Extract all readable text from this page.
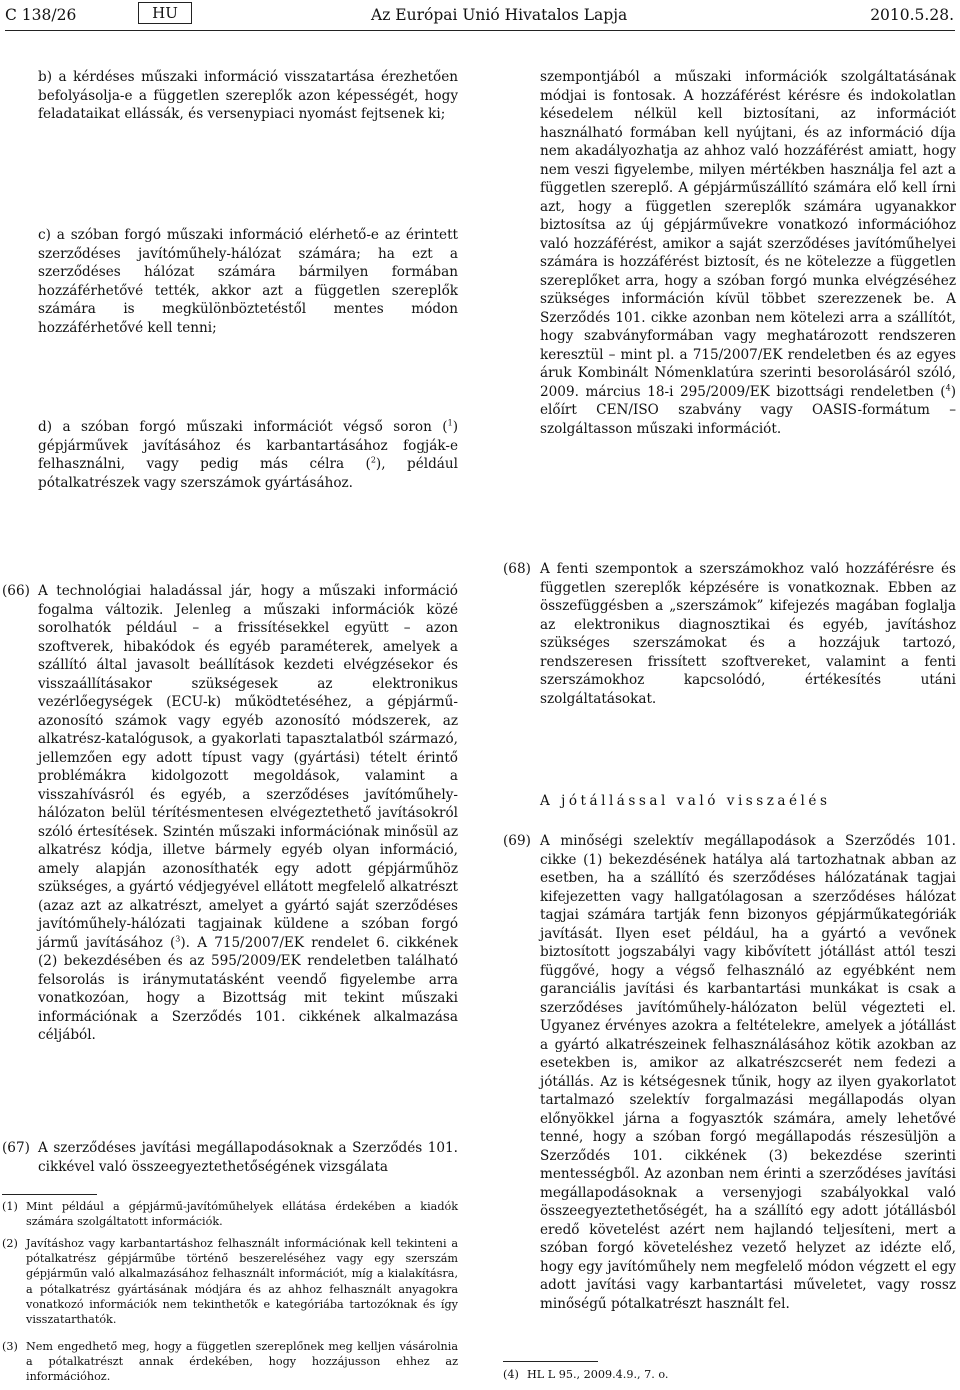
C 138/26	HU	Az Európai Unió Hivatalos Lapja	2010.5.28.

b) a kérdéses műszaki információ visszatartása érezhetően befolyásolja-e a független szereplők azon képességét, hogy feladataikat ellássák, és versenypiaci nyomást fejtsenek ki;

c) a szóban forgó műszaki információ elérhető-e az érintett szerződéses javítóműhely-hálózat számára; ha ezt a szerződéses hálózat számára bármilyen formában hozzáférhetővé tették, akkor azt a független szereplők számára is megkülönböztetéstől mentes módon hozzáférhetővé kell tenni;

d) a szóban forgó műszaki információt végső soron ($^1$) gépjárművek javításához és karbantartásához fogják-e felhasználni, vagy pedig más célra ($^2$), például pótalkatrészek vagy szerszámok gyártásához.

szempontjából a műszaki információk szolgáltatásának módjai is fontosak. A hozzáférést kérésre és indokolatlan késedelem nélkül kell biztosítani, az információt használható formában kell nyújtani, és az információ díja nem akadályozhatja az ahhoz való hozzáférést amiatt, hogy nem veszi figyelembe, milyen mértékben használja fel azt a független szereplő. A gépjárműszállító számára elő kell írni azt, hogy a független szereplők számára ugyanakkor biztosítsa az új gépjárművekre vonatkozó információhoz való hozzáférést, amikor a saját szerződéses javítóműhelyei számára is hozzáférést biztosít, és ne kötelezze a független szereplőket arra, hogy a szóban forgó munka elvégzéséhez szükséges információn kívül többet szerezzenek be. A Szerződés 101. cikke azonban nem kötelezi arra a szállítót, hogy szabványformában vagy meghatározott rendszeren keresztül – mint pl. a 715/2007/EK rendeletben és az egyes áruk Kombinált Nómenklatúra szerinti besorolásáról szóló, 2009. március 18-i 295/2009/EK bizottsági rendeletben ($^4$) előírt CEN/ISO szabvány vagy OASIS-formátum – szolgáltasson műszaki információt.

(66) A technológiai haladással jár, hogy a műszaki információ fogalma változik. Jelenleg a műszaki információk közé sorolhatók például – a frissítésekkel együtt – azon szoftverek, hibakódok és egyéb paraméterek, amelyek a szállító által javasolt beállítások kezdeti elvégzésekor és visszaállításakor szükségesek az elektronikus vezérlőegységek (ECU-k) működtetéséhez, a gépjármű-azonosító számok vagy egyéb azonosító módszerek, az alkatrész-katalógusok, a gyakorlati tapasztalatból származó, jellemzően egy adott típust vagy (gyártási) tételt érintő problémákra kidolgozott megoldások, valamint a visszahívásról és egyéb, a szerződéses javítóműhely-hálózaton belül térítésmentesen elvégeztethető javításokról szóló értesítések. Szintén műszaki információnak minősül az alkatrész kódja, illetve bármely egyéb olyan információ, amely alapján azonosíthaték egy adott gépjárműhöz szükséges, a gyártó védjegyével ellátott megfelelő alkatrészt (azaz azt az alkatrészt, amelyet a gyártó saját szerződéses javítóműhely-hálózati tagjainak küldene a szóban forgó jármű javításához ($^3$). A 715/2007/EK rendelet 6. cikkének (2) bekezdésében és az 595/2009/EK rendeletben található felsorolás is iránymutatásként veendő figyelembe arra vonatkozóan, hogy a Bizottság mit tekint műszaki információnak a Szerződés 101. cikkének alkalmazása céljából.

(67) A szerződéses javítási megállapodásoknak a Szerződés 101. cikkével való összeegyeztethetőségének vizsgálata

(1) Mint például a gépjármű-javítóműhelyek ellátása érdekében a kiadók számára szolgáltatott információk.
(2) Javításhoz vagy karbantartáshoz felhasznált információnak kell tekinteni a pótalkatrész gépjárműbe történő beszereléséhez vagy egy szerszám gépjárműn való alkalmazásához felhasznált információt, míg a kialakításra, a pótalkatrész gyártásának módjára és az ahhoz felhasznált anyagokra vonatkozó információk nem tekinthetők e kategóriába tartozóknak és így visszatarthatók.
(3) Nem engedhető meg, hogy a független szereplőnek meg kelljen vásárolnia a pótalkatrészt annak érdekében, hogy hozzájusson ehhez az információhoz.
(68) A fenti szempontok a szerszámokhoz való hozzáférésre és független szereplők képzésére is vonatkoznak. Ebben az összefüggésben a „szerszámok” kifejezés magában foglalja az elektronikus diagnosztikai és egyéb, javításhoz szükséges szerszámokat és a hozzájuk tartozó, rendszeresen frissített szoftvereket, valamint a fenti szerszámokhoz kapcsolódó, értékesítés utáni szolgáltatásokat.

A jótállással való visszaélés
(69) A minőségi szelektív megállapodások a Szerződés 101. cikke (1) bekezdésének hatálya alá tartozhatnak abban az esetben, ha a szállító és szerződéses hálózatának tagjai kifejezetten vagy hallgatólagosan a szerződéses hálózat tagjai számára tartják fenn bizonyos gépjárműkategóriák javítását. Ilyen eset például, ha a gyártó a vevőnek biztosított jogszabályi vagy kibővített jótállást attól teszi függővé, hogy a végső felhasználó az egyébként nem garanciális javítási és karbantartási munkákat is csak a szerződéses javítóműhely-hálózaton belül végezteti el. Ugyanez érvényes azokra a feltételekre, amelyek a jótállást a gyártó alkatrészeinek felhasználásához kötik azokban az esetekben is, amikor az alkatrészcserét nem fedezi a jótállás. Az is kétségesnek tűnik, hogy az ilyen gyakorlatot tartalmazó szelektív forgalmazási megállapodás olyan előnyökkel járna a fogyasztók számára, amely lehetővé tenné, hogy a szóban forgó megállapodás részesüljön a Szerződés 101. cikkének (3) bekezdése szerinti mentességből. Az azonban nem érinti a szerződéses javítási megállapodásoknak a versenyjogi szabályokkal való összeegyeztethetőségét, ha a szállító egy adott jótállásból eredő követelést azért nem hajlandó teljesíteni, mert a szóban forgó követeléshez vezető helyzet az idézte elő, hogy egy javítóműhely nem megfelelő módon végzett el egy adott javítási vagy karbantartási műveletet, vagy rossz minőségű pótalkatrészt használt fel.

(4) HL L 95., 2009.4.9., 7. o.
